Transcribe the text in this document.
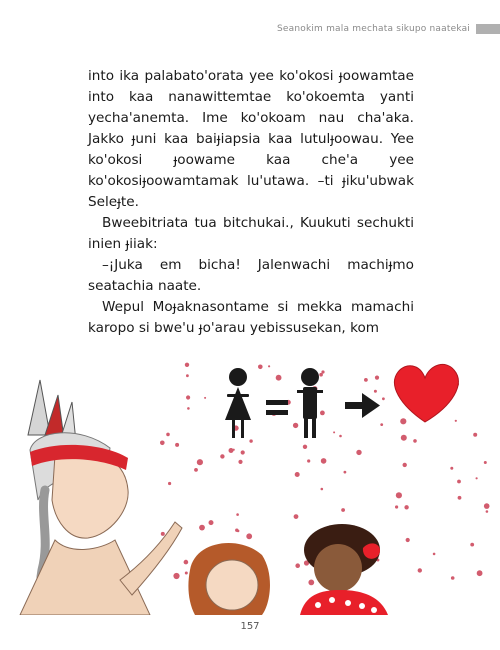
Seanokim mala mechata sikupo naatekai

into ika palabato'orata yee ko'okosi ɟoowamtae into kaa nanawittemtae ko'okoemta yanti yecha'anemta. Ime ko'okoam nau cha'aka. Jakko ɟuni kaa baiɟiapsia kaa lutulɟoowau. Yee ko'okosi ɟoowame kaa che'a yee ko'okosiɟoowamtamak lu'utawa. –ti ɟiku'ubwak Seleɟte.

Bweebitriata tua bitchukai., Kuukuti sechukti inien ɟiiak:

–¡Juka em bicha! Jalenwachi machiɟmo seatachia naate.

Wepul Moɟaknasontame si mekka mamachi karopo si bwe'u ɟo'arau yebissusekan, kom

157
